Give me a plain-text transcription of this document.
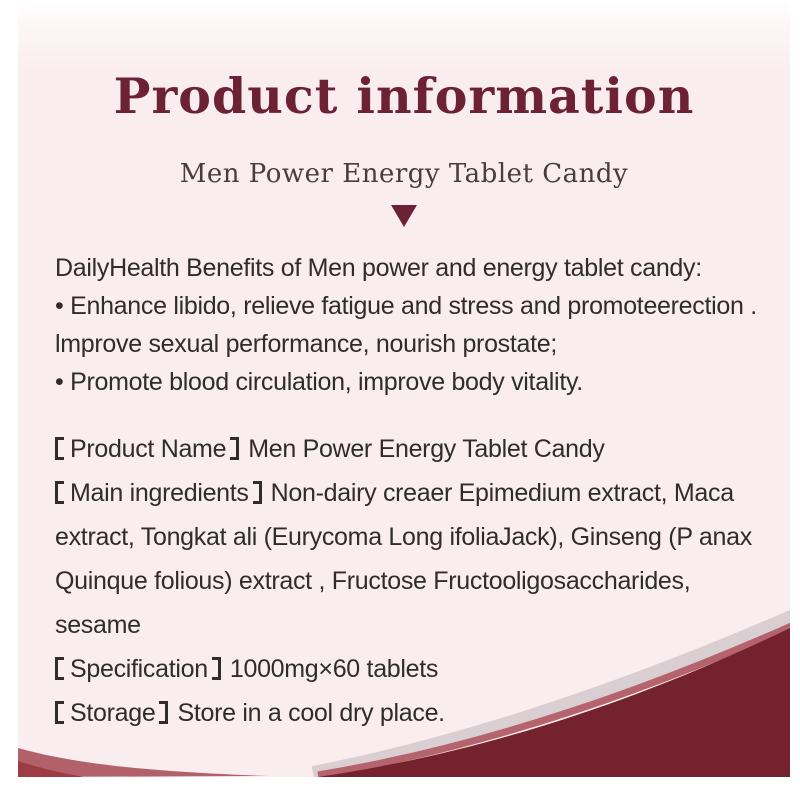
Product information
Men Power Energy Tablet Candy
DailyHealth Benefits of Men power and energy tablet candy:
• Enhance libido, relieve fatigue and stress and promoteerection .
lmprove sexual performance, nourish prostate;
• Promote blood circulation, improve body vitality.
Product Name Men Power Energy Tablet Candy
Main ingredients Non-dairy creaer Epimedium extract, Maca
extract, Tongkat ali (Eurycoma Long ifoliaJack), Ginseng (P anax
Quinque folious) extract , Fructose Fructooligosaccharides,
sesame
Specification 1000mg×60 tablets
Storage Store in a cool dry place.
